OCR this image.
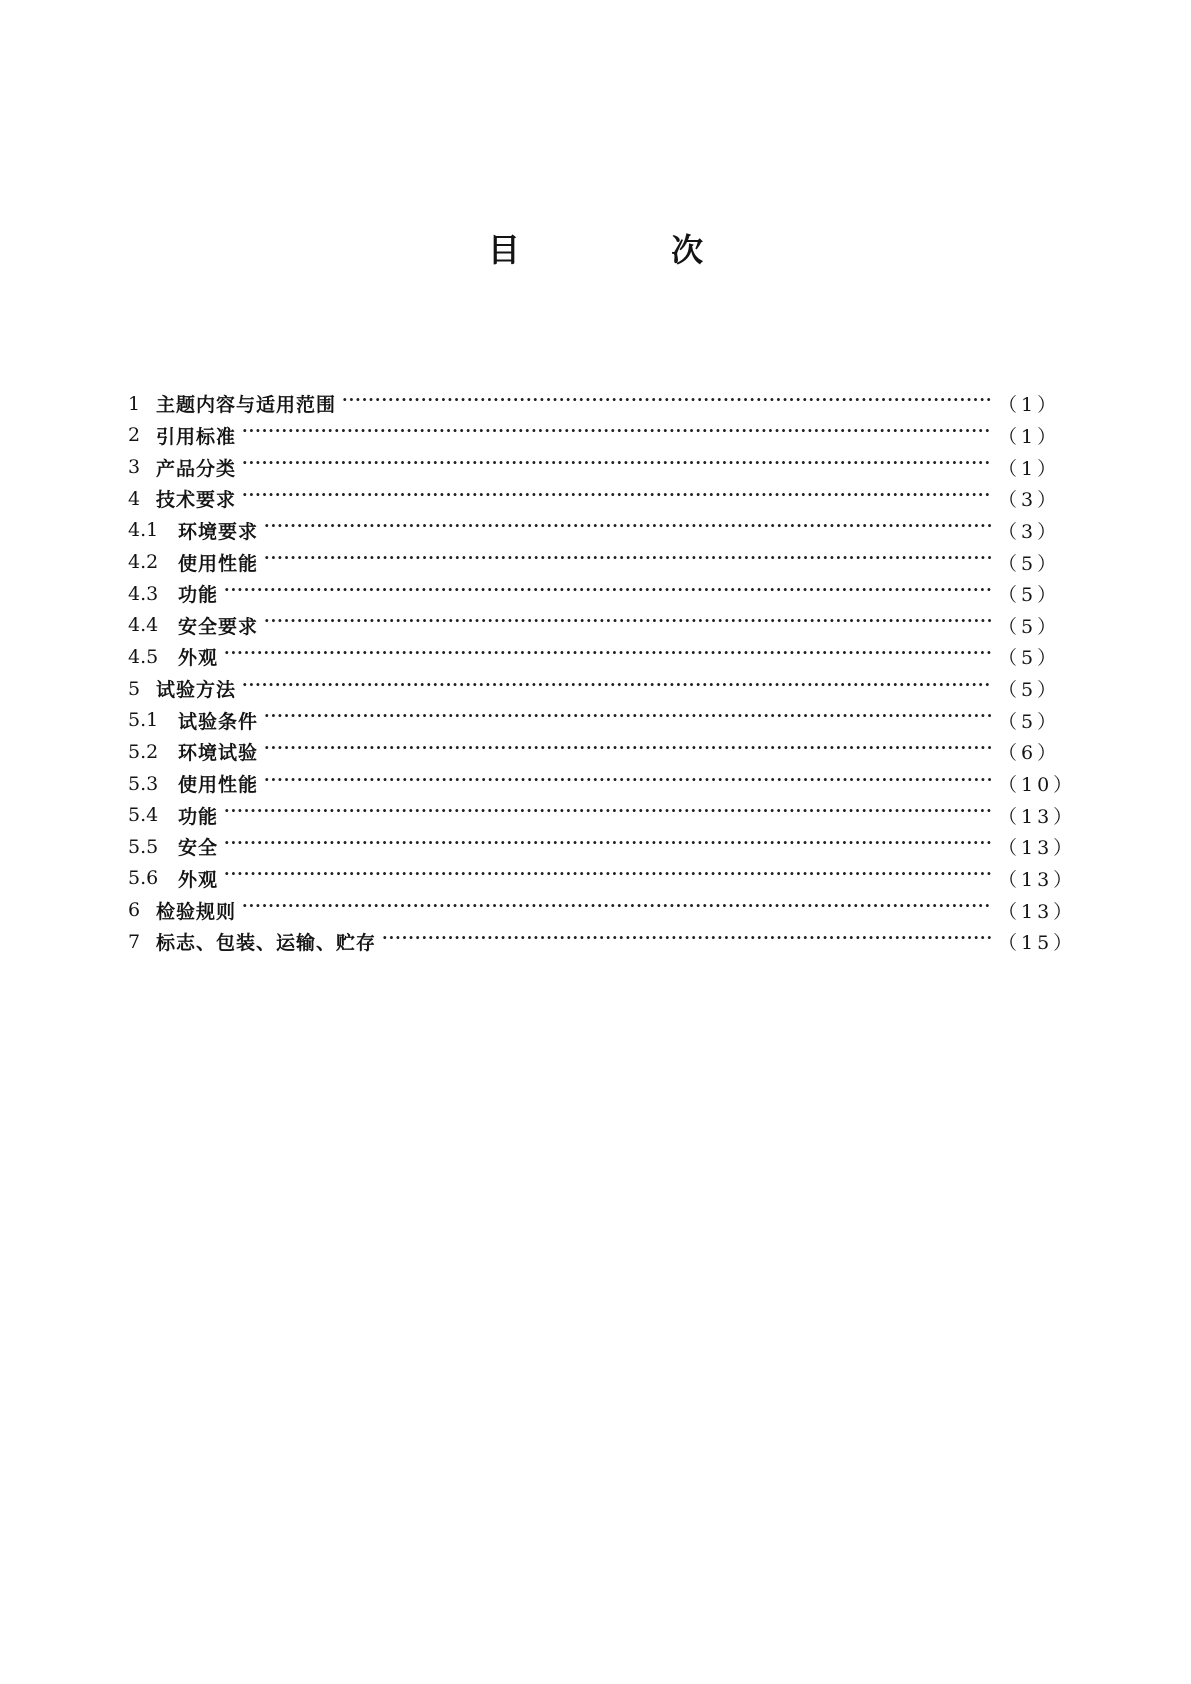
目 次
1 主题内容与适用范围 ·····	（1）
2 引用标准 ·····	（1）
3 产品分类 ·····	（1）
4 技术要求 ·····	（3）
4.1	环境要求 ·····	（3）
4.2	使用性能 ·····	（5）
4.3	功能 ·····	（5）
4.4	安全要求 ·····	（5）
4.5	外观 ·····	（5）
5 试验方法 ·····	（5）
5.1	试验条件 ·····	（5）
5.2	环境试验 ·····	（6）
5.3	使用性能 ·····	（10）
5.4	功能 ·····	（13）
5.5	安全 ·····	（13）
5.6	外观 ·····	（13）
6 检验规则 ·····	（13）
7 标志、包装、运输、贮存 ·····	（15）
